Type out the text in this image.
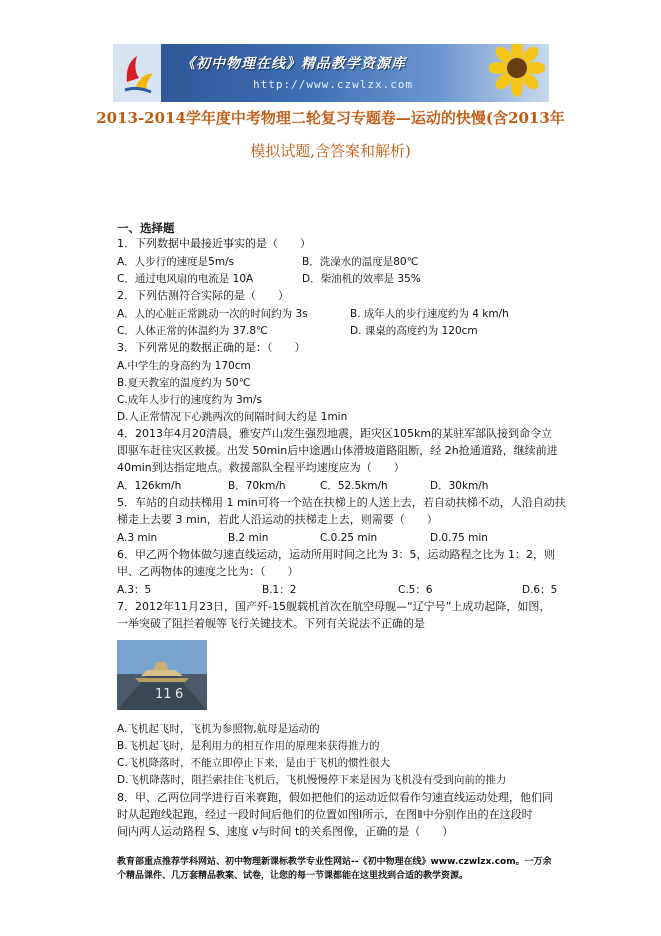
《初中物理在线》精品教学资源库
http://www.czwlzx.com
2013-2014学年度中考物理二轮复习专题卷—运动的快慢(含2013年
模拟试题,含答案和解析)
一、选择题
1．下列数据中最接近事实的是（　　）
A．人步行的速度是5m/s	B．洗澡水的温度是80℃
C．通过电风扇的电流是 10A	D．柴油机的效率是 35%
2．下列估测符合实际的是（　　）
A．人的心脏正常跳动一次的时间约为 3s	B. 成年人的步行速度约为 4 km/h
C．人体正常的体温约为 37.8℃	D. 课桌的高度约为 120cm
3．下列常见的数据正确的是：（　　）
A.中学生的身高约为 170cm
B.夏天教室的温度约为 50℃
C.成年人步行的速度约为 3m/s
D.人正常情况下心跳两次的间隔时间大约是 1min
4．2013年4月20清晨，雅安芦山发生强烈地震，距灾区105km的某驻军部队接到命令立
即驱车赶往灾区救援。出发 50min后中途遇山体滑坡道路阻断，经 2h抢通道路，继续前进
40min到达指定地点。救援部队全程平均速度应为（　　）
A．126km/h	B．70km/h	C．52.5km/h	D．30km/h
5．车站的自动扶梯用 1 min可将一个站在扶梯上的人送上去，若自动扶梯不动，人沿自动扶
梯走上去要 3 min，若此人沿运动的扶梯走上去，则需要（　　）
A.3 min	B.2 min	C.0.25 min	D.0.75 min
6．甲乙两个物体做匀速直线运动，运动所用时间之比为 3：5，运动路程之比为 1：2，则
甲、乙两物体的速度之比为：（　　）
A.3：5	B.1：2	C.5：6	D.6：5
7．2012年11月23日，国产歼-15舰载机首次在航空母舰—“辽宁号”上成功起降，如图，
一举突破了阻拦着舰等飞行关键技术。下列有关说法不正确的是
11 6
A.飞机起飞时，飞机为参照物,航母是运动的
B.飞机起飞时，是利用力的相互作用的原理来获得推力的
C.飞机降落时，不能立即停止下来，是由于飞机的惯性很大
D.飞机降落时，阻拦索挂住飞机后，飞机慢慢停下来是因为飞机没有受到向前的推力
8．甲、乙两位同学进行百米赛跑，假如把他们的运动近似看作匀速直线运动处理，他们同
时从起跑线起跑，经过一段时间后他们的位置如图Ⅰ所示，在图Ⅱ中分别作出的在这段时
间内两人运动路程 S、速度 v与时间 t的关系图像，正确的是（　　）
教育部重点推荐学科网站、初中物理新课标教学专业性网站--《初中物理在线》www.czwlzx.com。一万余
个精品课件、几万套精品教案、试卷，让您的每一节课都能在这里找到合适的教学资源。
